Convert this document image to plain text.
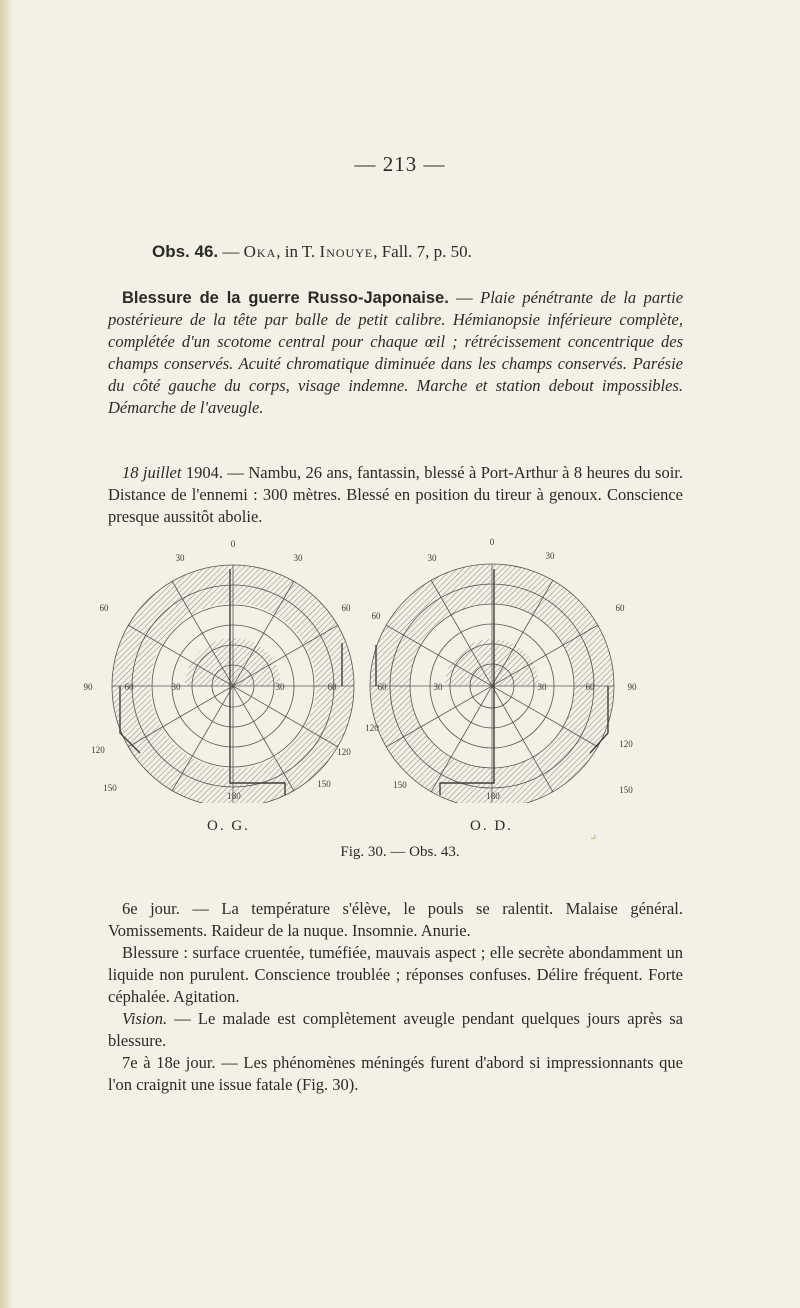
— 213 —
Obs. 46. — Oka, in T. Inouye, Fall. 7, p. 50.
Blessure de la guerre Russo-Japonaise. — Plaie pénétrante de la partie postérieure de la tête par balle de petit calibre. Hémianopsie inférieure complète, complétée d'un scotome central pour chaque œil ; rétrécissement concentrique des champs conservés. Acuité chromatique diminuée dans les champs conservés. Parésie du côté gauche du corps, visage indemne. Marche et station debout impossibles. Démarche de l'aveugle.
18 juillet 1904. — Nambu, 26 ans, fantassin, blessé à Port-Arthur à 8 heures du soir. Distance de l'ennemi : 300 mètres. Blessé en position du tireur à genoux. Conscience presque aussitôt abolie.
30
0
30
60
60
90	60	30	30	60
120	120
150	150
180
30
0
30
60
60
60	30	30	60	90
120
120
150	150
180
O. G.	O. D.
⌟
Fig. 30. — Obs. 43.

6e jour. — La température s'élève, le pouls se ralentit. Malaise général. Vomissements. Raideur de la nuque. Insomnie. Anurie.

Blessure : surface cruentée, tuméfiée, mauvais aspect ; elle secrète abondamment un liquide non purulent. Conscience troublée ; réponses confuses. Délire fréquent. Forte céphalée. Agitation.

Vision. — Le malade est complètement aveugle pendant quelques jours après sa blessure.

7e à 18e jour. — Les phénomènes méningés furent d'abord si impressionnants que l'on craignit une issue fatale (Fig. 30).
